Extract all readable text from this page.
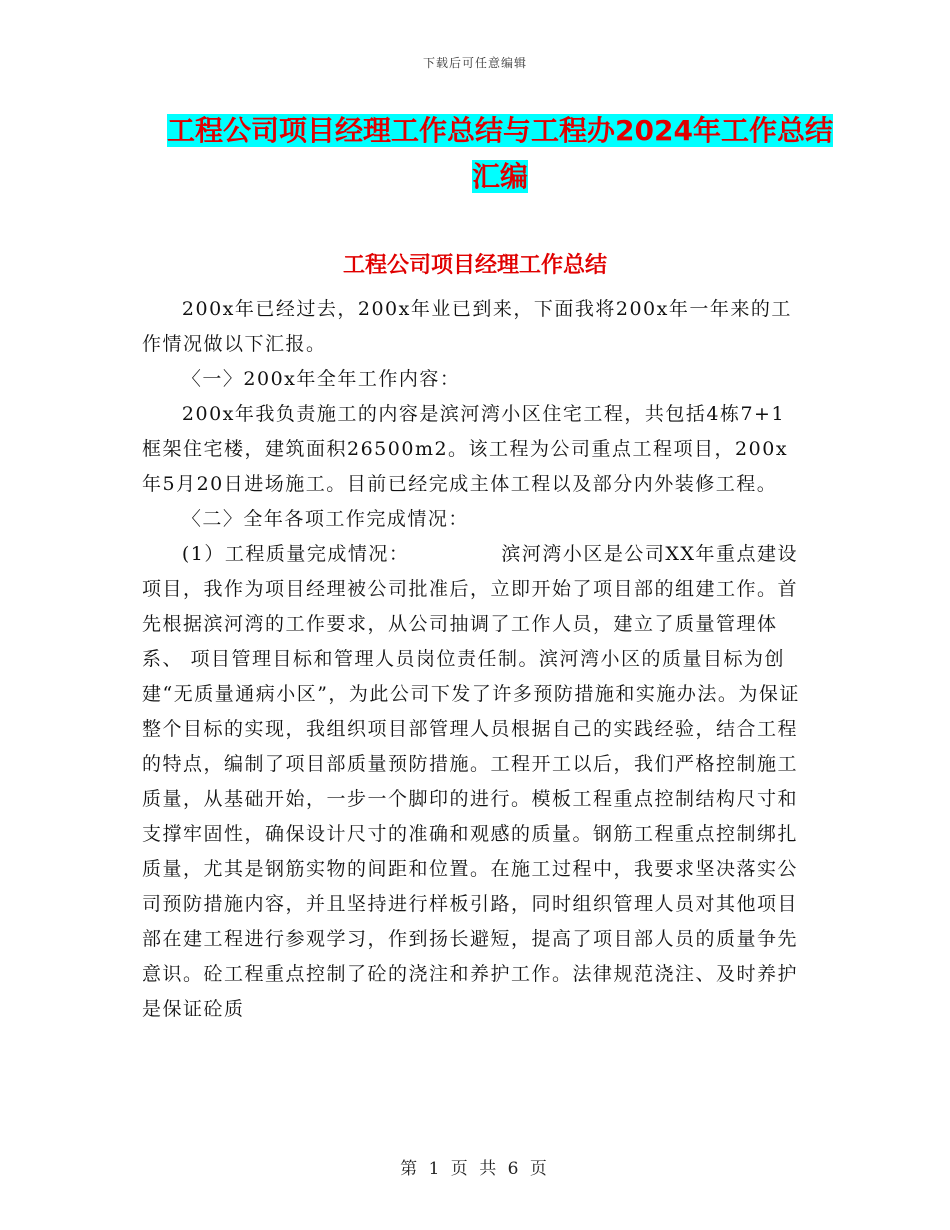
下载后可任意编辑
工程公司项目经理工作总结与工程办2024年工作总结
汇编
工程公司项目经理工作总结

200x年已经过去，200x年业已到来，下面我将200x年一年来的工作情况做以下汇报。

〈一〉200x年全年工作内容：

200x年我负责施工的内容是滨河湾小区住宅工程，共包括4栋7+1框架住宅楼，建筑面积26500m2。该工程为公司重点工程项目，200x年5月20日进场施工。目前已经完成主体工程以及部分内外装修工程。

〈二〉全年各项工作完成情况：

(1）工程质量完成情况：	滨河湾小区是公司XX年重点建设项目，我作为项目经理被公司批准后，立即开始了项目部的组建工作。首先根据滨河湾的工作要求，从公司抽调了工作人员，建立了质量管理体系、 项目管理目标和管理人员岗位责任制。滨河湾小区的质量目标为创建“无质量通病小区”，为此公司下发了许多预防措施和实施办法。为保证整个目标的实现，我组织项目部管理人员根据自己的实践经验，结合工程的特点，编制了项目部质量预防措施。工程开工以后，我们严格控制施工质量，从基础开始，一步一个脚印的进行。模板工程重点控制结构尺寸和支撑牢固性，确保设计尺寸的准确和观感的质量。钢筋工程重点控制绑扎质量，尤其是钢筋实物的间距和位置。在施工过程中，我要求坚决落实公司预防措施内容，并且坚持进行样板引路，同时组织管理人员对其他项目部在建工程进行参观学习，作到扬长避短，提高了项目部人员的质量争先意识。砼工程重点控制了砼的浇注和养护工作。法律规范浇注、及时养护是保证砼质

第 1 页 共 6 页
